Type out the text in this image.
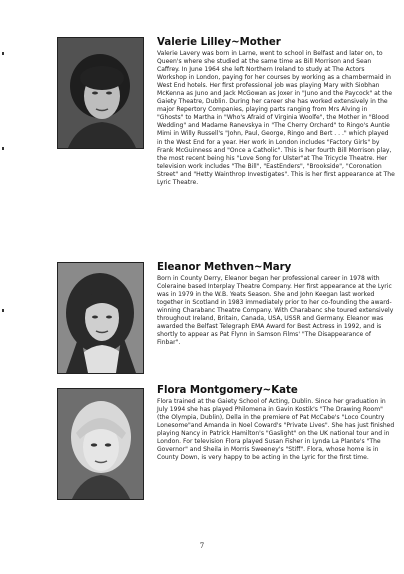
Valerie Lilley~Mother

Valerie Lavery was born in Larne, went to school in Belfast and later on, to Queen's where she studied at the same time as Bill Morrison and Sean Caffrey. In June 1964 she left Northern Ireland to study at The Actors Workshop in London, paying for her courses by working as a chambermaid in West End hotels. Her first professional job was playing Mary with Siobhan McKenna as Juno and Jack McGowan as Joxer in "Juno and the Paycock" at the Gaiety Theatre, Dublin. During her career she has worked extensively in the major Repertory Companies, playing parts ranging from Mrs Alving in "Ghosts" to Martha in "Who's Afraid of Virginia Woolfe", the Mother in "Blood Wedding" and Madame Ranevskya in "The Cherry Orchard" to Ringo's Auntie Mimi in Willy Russell's "John, Paul, George, Ringo and Bert . . ." which played in the West End for a year. Her work in London includes "Factory Girls" by Frank McGuinness and "Once a Catholic". This is her fourth Bill Morrison play, the most recent being his "Love Song for Ulster"at The Tricycle Theatre. Her television work includes "The Bill", "EastEnders", "Brookside", "Coronation Street" and "Hetty Wainthrop Investigates". This is her first appearance at The Lyric Theatre.

Eleanor Methven~Mary

Born in County Derry, Eleanor began her professional career in 1978 with Coleraine based Interplay Theatre Company. Her first appearance at the Lyric was in 1979 in the W.B. Yeats Season. She and John Keegan last worked together in Scotland in 1983 immediately prior to her co-founding the award-winning Charabanc Theatre Company. With Charabanc she toured extensively throughout Ireland, Britain, Canada, USA, USSR and Germany. Eleanor was awarded the Belfast Telegraph EMA Award for Best Actress in 1992, and is shortly to appear as Pat Flynn in Samson Films' "The Disappearance of Finbar".

Flora Montgomery~Kate

Flora trained at the Gaiety School of Acting, Dublin. Since her graduation in July 1994 she has played Philomena in Gavin Kostik's "The Drawing Room" (the Olympia, Dublin), Della in the premiere of Pat McCabe's "Loco Country Lonesome"and Amanda in Noel Coward's "Private Lives". She has just finished playing Nancy in Patrick Hamilton's "Gaslight" on the UK national tour and in London. For television Flora played Susan Fisher in Lynda La Plante's "The Governor" and Sheila in Morris Sweeney's "Stiff". Flora, whose home is in County Down, is very happy to be acting in the Lyric for the first time.

7
